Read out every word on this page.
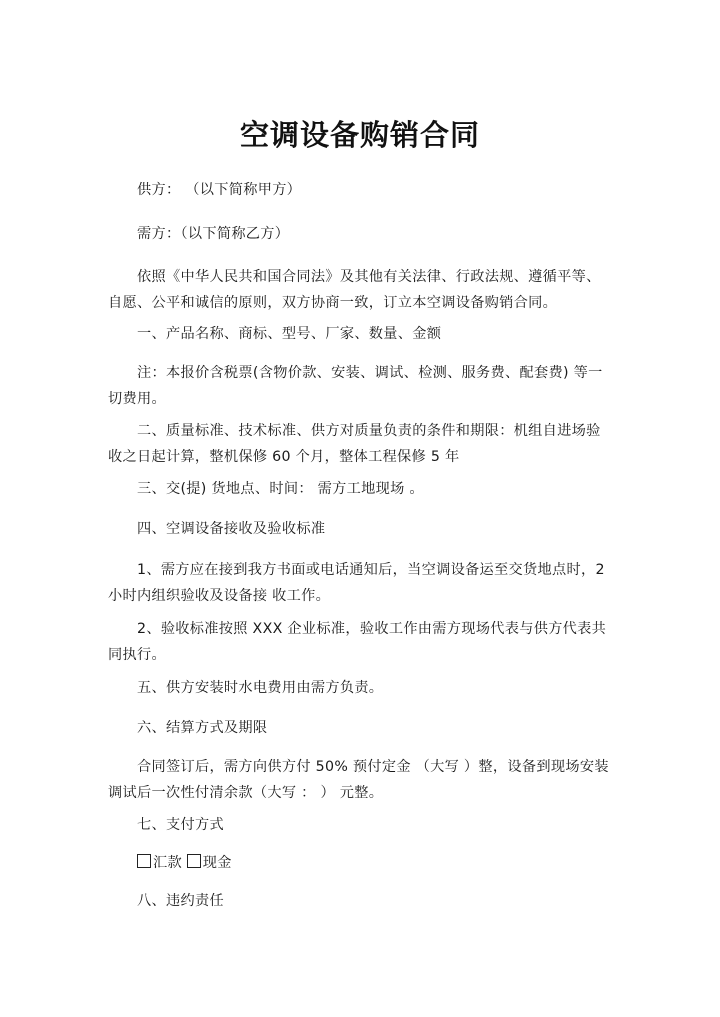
空调设备购销合同
供方： （以下简称甲方）
需方：（以下简称乙方）
依照《中华人民共和国合同法》及其他有关法律、行政法规、遵循平等、自愿、公平和诚信的原则，双方协商一致，订立本空调设备购销合同。
一、产品名称、商标、型号、厂家、数量、金额
注：本报价含税票(含物价款、安装、调试、检测、服务费、配套费) 等一切费用。
二、质量标准、技术标准、供方对质量负责的条件和期限：机组自进场验收之日起计算，整机保修 60 个月，整体工程保修 5 年
三、交(提) 货地点、时间： 需方工地现场 。
四、空调设备接收及验收标准
1、需方应在接到我方书面或电话通知后，当空调设备运至交货地点时，2 小时内组织验收及设备接 收工作。
2、验收标准按照 XXX 企业标准，验收工作由需方现场代表与供方代表共同执行。
五、供方安装时水电费用由需方负责。
六、结算方式及期限
合同签订后，需方向供方付 50% 预付定金 （大写 ）整，设备到现场安装调试后一次性付清余款（大写 ： ） 元整。
七、支付方式
汇款 现金
八、违约责任
